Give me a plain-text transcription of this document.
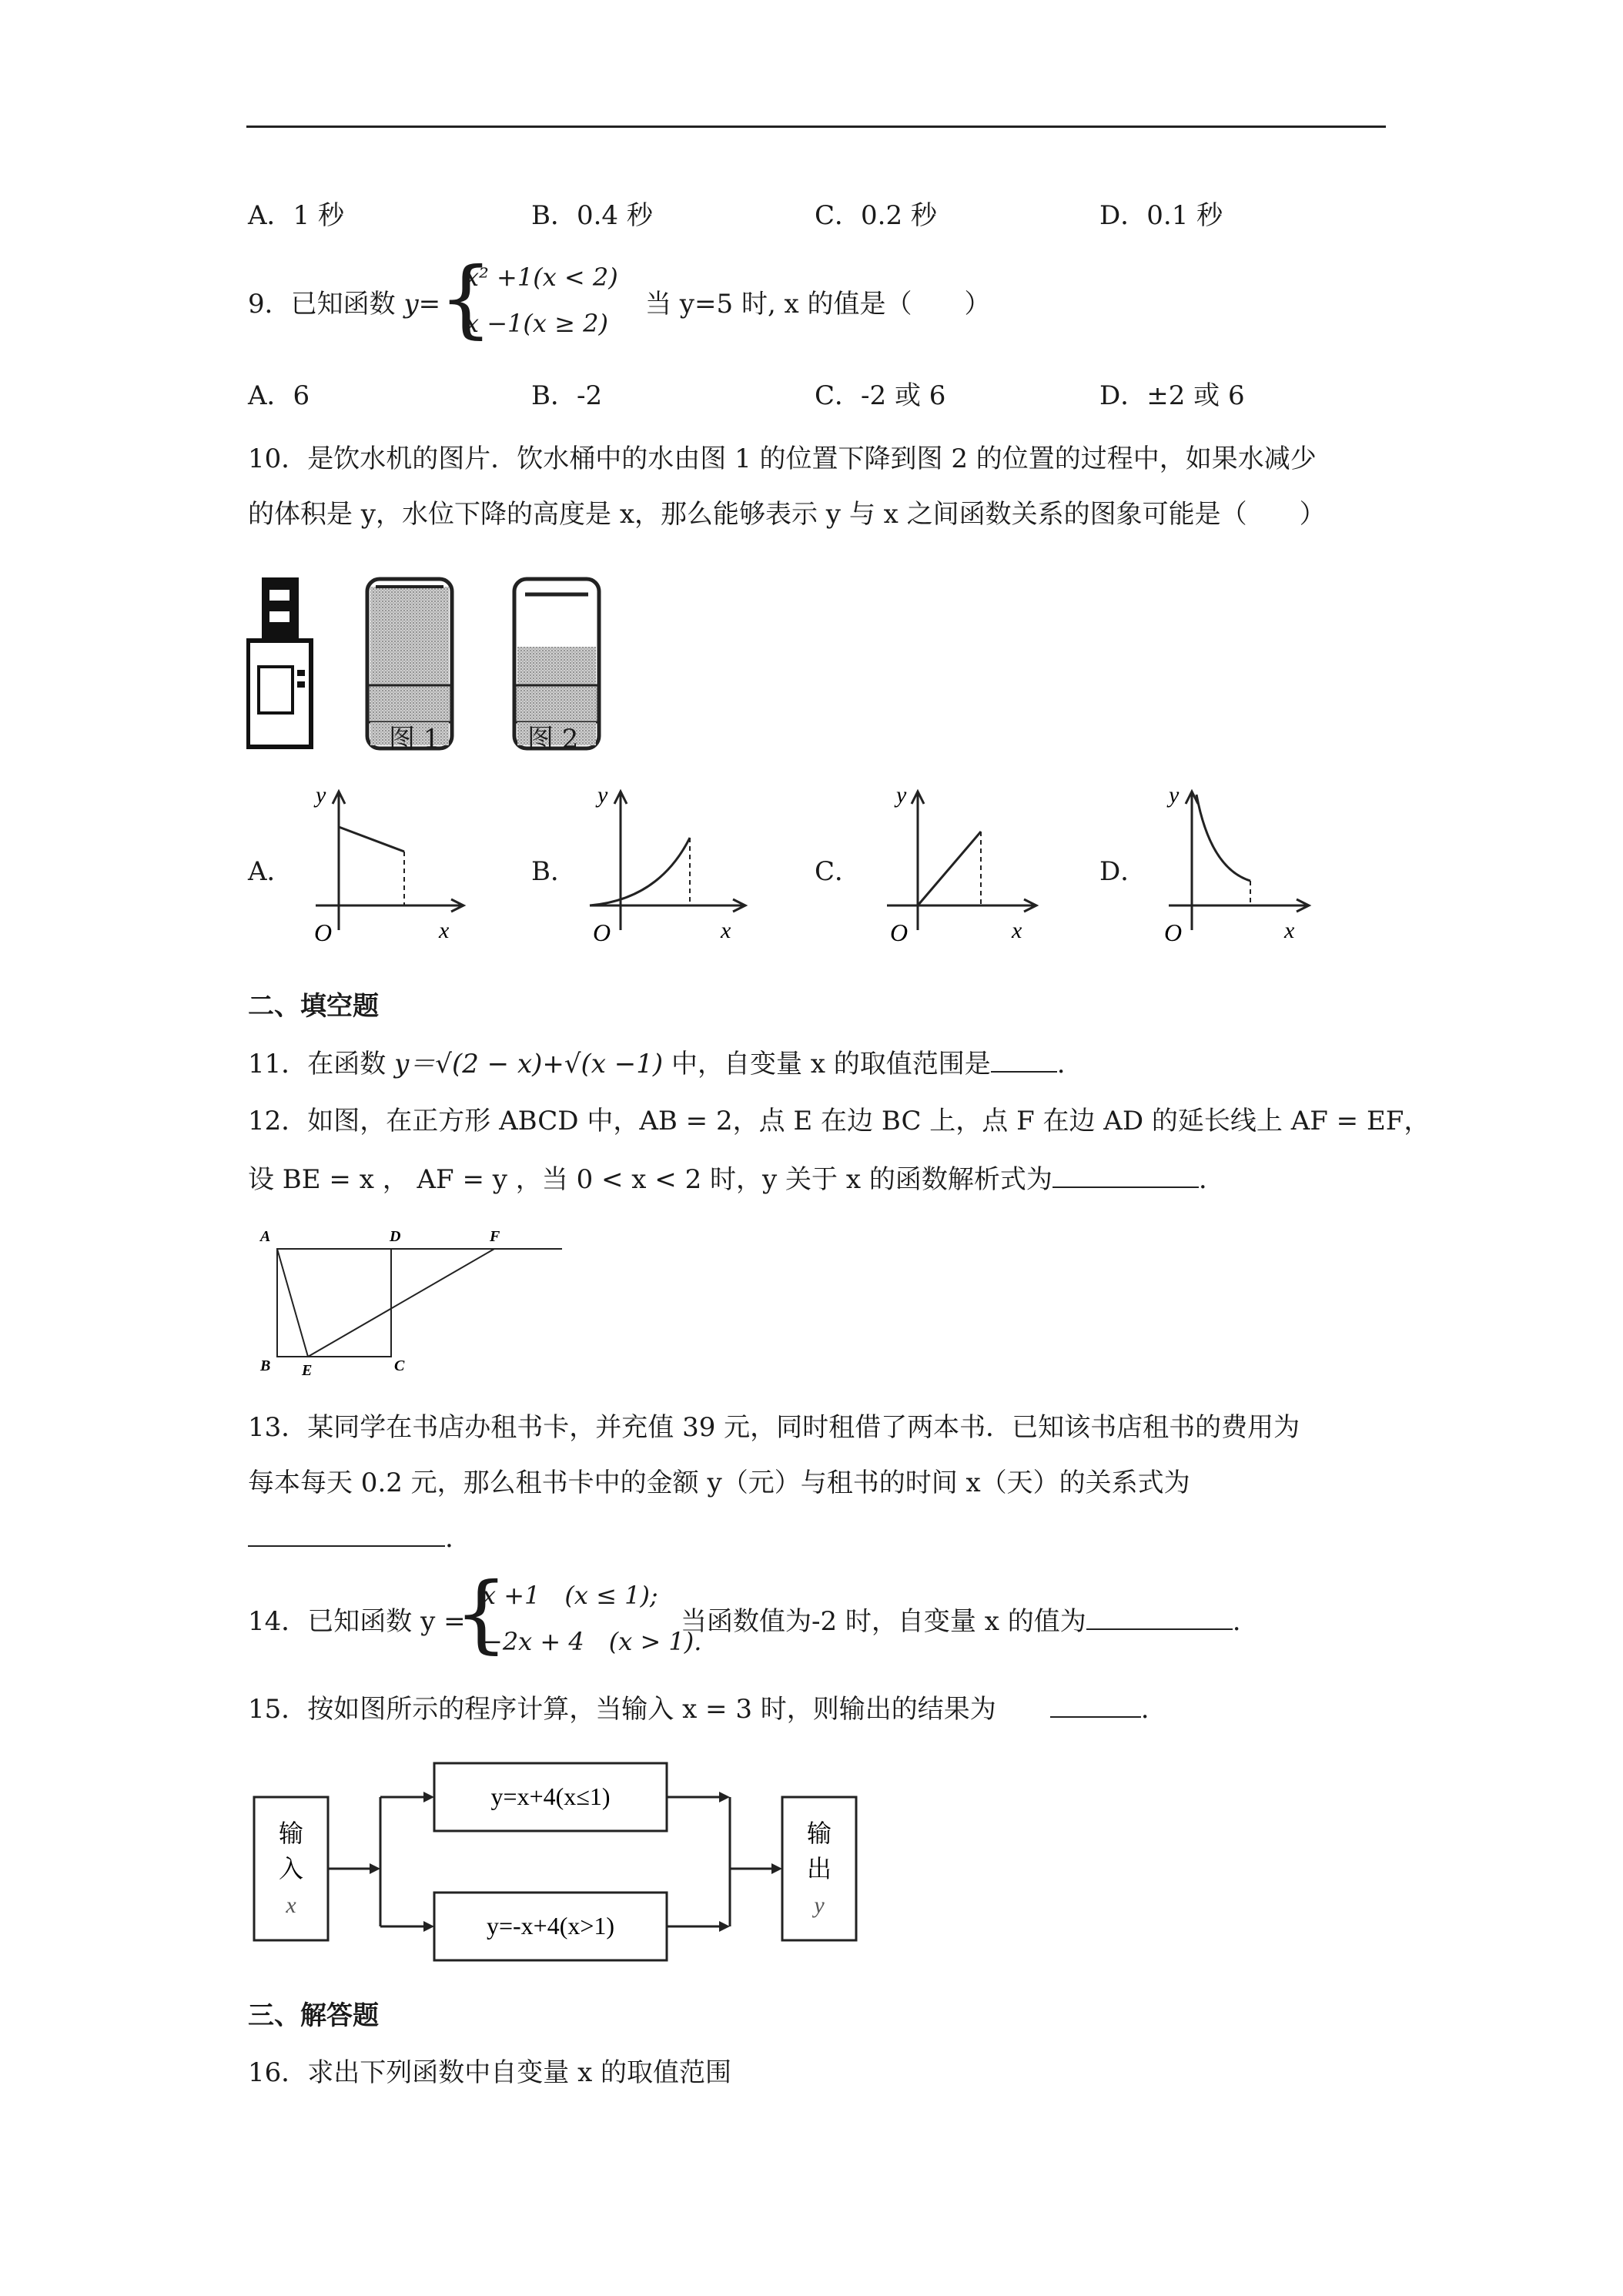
A．1 秒	B．0.4 秒	C．0.2 秒	D．0.1 秒
9．已知函数 y=
{
x² +1(x < 2)
x −1(x ≥ 2)
当 y=5 时, x 的值是（　　）
A．6	B．-2	C．-2 或 6	D．±2 或 6
10．是饮水机的图片．饮水桶中的水由图 1 的位置下降到图 2 的位置的过程中，如果水减少
的体积是 y，水位下降的高度是 x，那么能够表示 y 与 x 之间函数关系的图象可能是（　　）
图 1	图 2
A．	B．	C．	D．
y
x
O
y
x
O
y
x
O
y
x
O
二、填空题
11．在函数 y＝√(2 − x)+√(x −1) 中，自变量 x 的取值范围是	.
12．如图，在正方形 ABCD 中，AB = 2，点 E 在边 BC 上，点 F 在边 AD 的延长线上 AF = EF，
设 BE = x ， AF = y ，当 0 < x < 2 时，y 关于 x 的函数解析式为	.
A	D	F
B E	C
13．某同学在书店办租书卡，并充值 39 元，同时租借了两本书．已知该书店租书的费用为
每本每天 0.2 元，那么租书卡中的金额 y（元）与租书的时间 x（天）的关系式为
.
14．已知函数 y =
{
x +1　(x ≤ 1);
−2x + 4　(x > 1).
当函数值为-2 时，自变量 x 的值为	.
15．按如图所示的程序计算，当输入 x = 3 时，则输出的结果为	.
输
入
x
y=x+4(x≤1)
y=-x+4(x>1)
输
出
y
三、解答题
16．求出下列函数中自变量 x 的取值范围
